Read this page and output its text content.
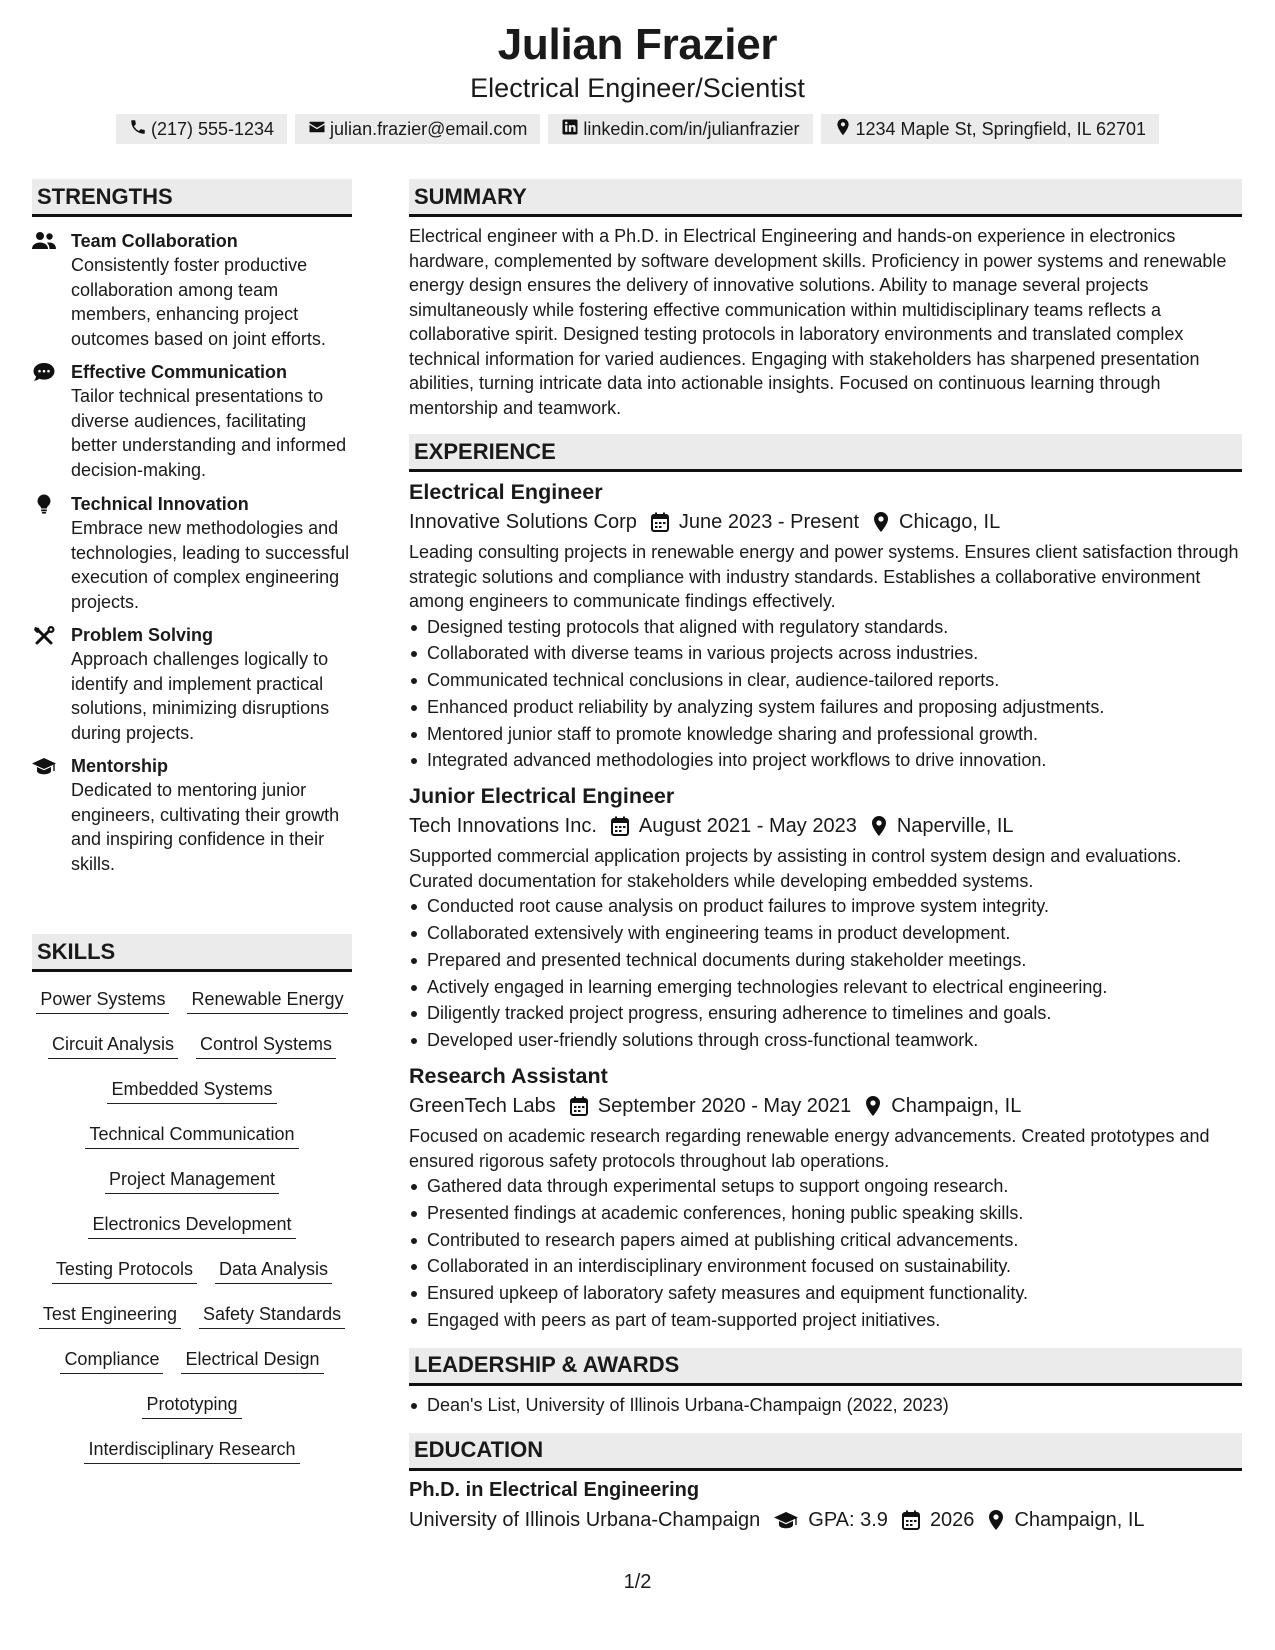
Julian Frazier
Electrical Engineer/Scientist
(217) 555-1234	julian.frazier@email.com	linkedin.com/in/julianfrazier	1234 Maple St, Springfield, IL 62701
STRENGTHS
Team Collaboration
Consistently foster productive collaboration among team members, enhancing project outcomes based on joint efforts.
Effective Communication
Tailor technical presentations to diverse audiences, facilitating better understanding and informed decision-making.
Technical Innovation
Embrace new methodologies and technologies, leading to successful execution of complex engineering projects.
Problem Solving
Approach challenges logically to identify and implement practical solutions, minimizing disruptions during projects.
Mentorship
Dedicated to mentoring junior engineers, cultivating their growth and inspiring confidence in their skills.
SKILLS
Power Systems Renewable Energy
Circuit Analysis Control Systems
Embedded Systems
Technical Communication
Project Management
Electronics Development
Testing Protocols Data Analysis
Test Engineering Safety Standards
Compliance Electrical Design
Prototyping
Interdisciplinary Research
SUMMARY
Electrical engineer with a Ph.D. in Electrical Engineering and hands-on experience in electronics hardware, complemented by software development skills. Proficiency in power systems and renewable energy design ensures the delivery of innovative solutions. Ability to manage several projects simultaneously while fostering effective communication within multidisciplinary teams reflects a collaborative spirit. Designed testing protocols in laboratory environments and translated complex technical information for varied audiences. Engaging with stakeholders has sharpened presentation abilities, turning intricate data into actionable insights. Focused on continuous learning through mentorship and teamwork.
EXPERIENCE
Electrical Engineer
Innovative Solutions Corp June 2023 - Present Chicago, IL
Leading consulting projects in renewable energy and power systems. Ensures client satisfaction through strategic solutions and compliance with industry standards. Establishes a collaborative environment among engineers to communicate findings effectively.
Designed testing protocols that aligned with regulatory standards.
Collaborated with diverse teams in various projects across industries.
Communicated technical conclusions in clear, audience-tailored reports.
Enhanced product reliability by analyzing system failures and proposing adjustments.
Mentored junior staff to promote knowledge sharing and professional growth.
Integrated advanced methodologies into project workflows to drive innovation.
Junior Electrical Engineer
Tech Innovations Inc. August 2021 - May 2023 Naperville, IL
Supported commercial application projects by assisting in control system design and evaluations. Curated documentation for stakeholders while developing embedded systems.
Conducted root cause analysis on product failures to improve system integrity.
Collaborated extensively with engineering teams in product development.
Prepared and presented technical documents during stakeholder meetings.
Actively engaged in learning emerging technologies relevant to electrical engineering.
Diligently tracked project progress, ensuring adherence to timelines and goals.
Developed user-friendly solutions through cross-functional teamwork.
Research Assistant
GreenTech Labs September 2020 - May 2021 Champaign, IL
Focused on academic research regarding renewable energy advancements. Created prototypes and ensured rigorous safety protocols throughout lab operations.
Gathered data through experimental setups to support ongoing research.
Presented findings at academic conferences, honing public speaking skills.
Contributed to research papers aimed at publishing critical advancements.
Collaborated in an interdisciplinary environment focused on sustainability.
Ensured upkeep of laboratory safety measures and equipment functionality.
Engaged with peers as part of team-supported project initiatives.
LEADERSHIP & AWARDS
Dean's List, University of Illinois Urbana-Champaign (2022, 2023)
EDUCATION
Ph.D. in Electrical Engineering
University of Illinois Urbana-Champaign GPA: 3.9 2026 Champaign, IL
1/2
